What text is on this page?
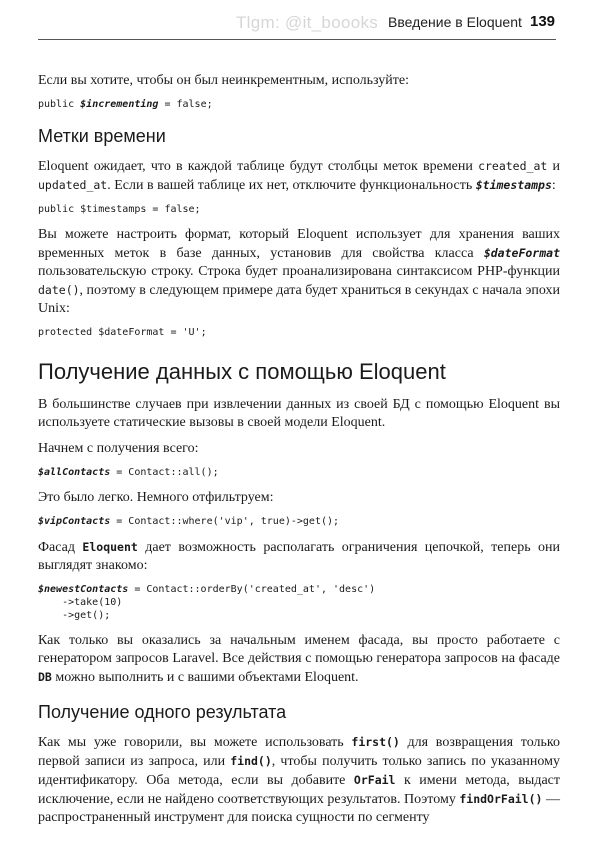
Tlgm: @it_boooks Введение в Eloquent 139

Если вы хотите, чтобы он был неинкрементным, используйте:

public $incrementing = false;
Метки времени

Eloquent ожидает, что в каждой таблице будут столбцы меток времени created_at и updated_at. Если в вашей таблице их нет, отключите функциональность $timestamps:

public $timestamps = false;

Вы можете настроить формат, который Eloquent использует для хранения ваших временных меток в базе данных, установив для свойства класса $dateFormat пользовательскую строку. Строка будет проанализирована синтаксисом PHP-функции date(), поэтому в следующем примере дата будет храниться в секундах с начала эпохи Unix:

protected $dateFormat = 'U';
Получение данных с помощью Eloquent

В большинстве случаев при извлечении данных из своей БД с помощью Eloquent вы используете статические вызовы в своей модели Eloquent.

Начнем с получения всего:

$allContacts = Contact::all();

Это было легко. Немного отфильтруем:

$vipContacts = Contact::where('vip', true)->get();

Фасад Eloquent дает возможность располагать ограничения цепочкой, теперь они выглядят знакомо:

$newestContacts = Contact::orderBy('created_at', 'desc')
->take(10)
->get();

Как только вы оказались за начальным именем фасада, вы просто работаете с генератором запросов Laravel. Все действия с помощью генератора запросов на фасаде DB можно выполнить и с вашими объектами Eloquent.

Получение одного результата

Как мы уже говорили, вы можете использовать first() для возвращения только первой записи из запроса, или find(), чтобы получить только запись по указанному идентификатору. Оба метода, если вы добавите OrFail к имени метода, выдаст исключение, если не найдено соответствующих результатов. Поэтому findOrFail() — распространенный инструмент для поиска сущности по сегменту
